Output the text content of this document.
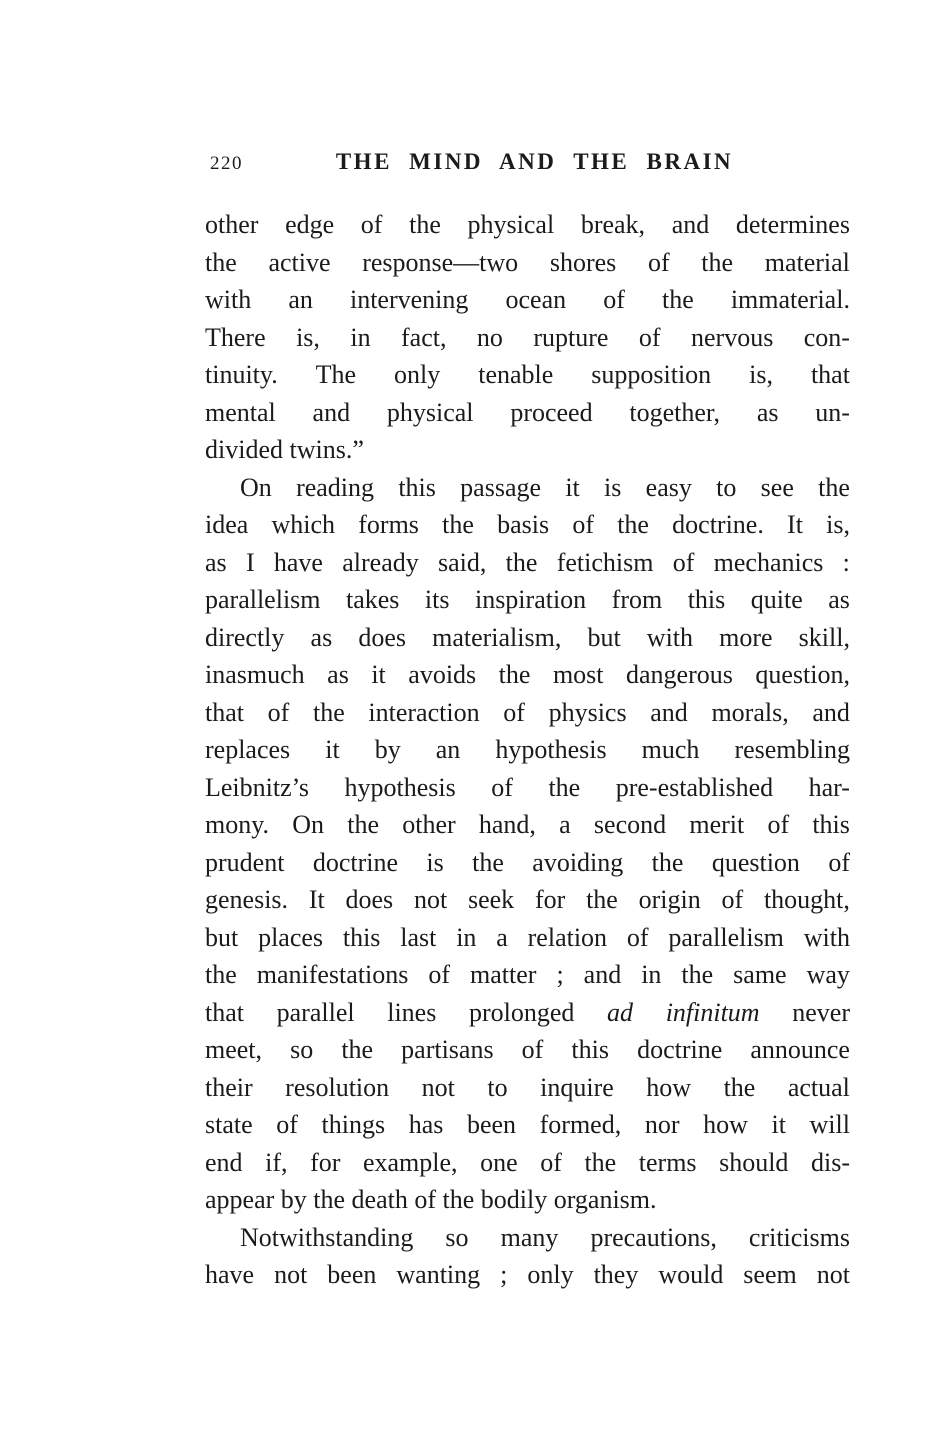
220	THE MIND AND THE BRAIN
other edge of the physical break, and determines
the active response—two shores of the material
with an intervening ocean of the immaterial.
There is, in fact, no rupture of nervous con-
tinuity. The only tenable supposition is, that
mental and physical proceed together, as un-
divided twins.”
On reading this passage it is easy to see the
idea which forms the basis of the doctrine. It is,
as I have already said, the fetichism of mechanics :
parallelism takes its inspiration from this quite as
directly as does materialism, but with more skill,
inasmuch as it avoids the most dangerous question,
that of the interaction of physics and morals, and
replaces it by an hypothesis much resembling
Leibnitz’s hypothesis of the pre-established har-
mony. On the other hand, a second merit of this
prudent doctrine is the avoiding the question of
genesis. It does not seek for the origin of thought,
but places this last in a relation of parallelism with
the manifestations of matter ; and in the same way
that parallel lines prolonged ad infinitum never
meet, so the partisans of this doctrine announce
their resolution not to inquire how the actual
state of things has been formed, nor how it will
end if, for example, one of the terms should dis-
appear by the death of the bodily organism.
Notwithstanding so many precautions, criticisms
have not been wanting ; only they would seem not
